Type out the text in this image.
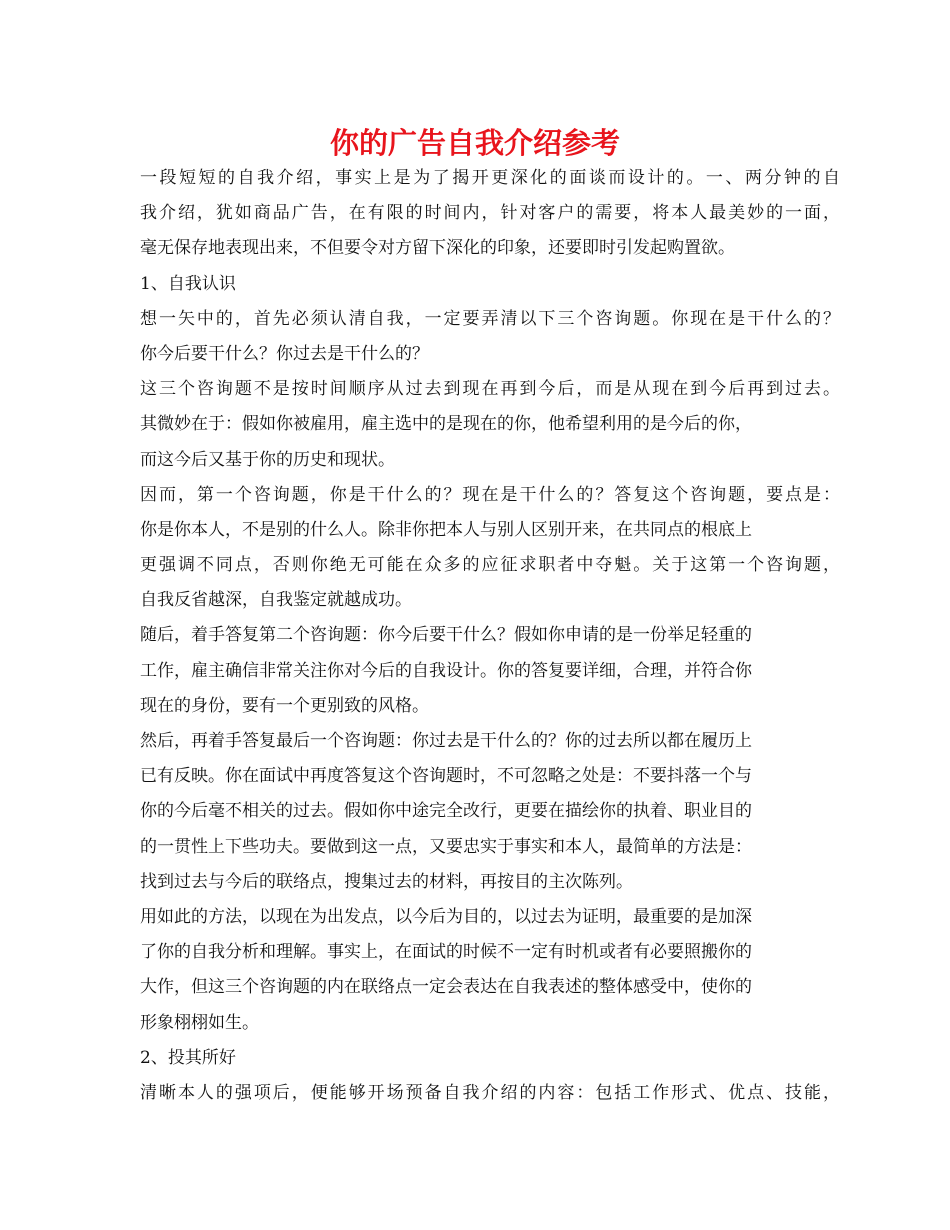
你的广告自我介绍参考
一段短短的自我介绍，事实上是为了揭开更深化的面谈而设计的。一、两分钟的自
我介绍，犹如商品广告，在有限的时间内，针对客户的需要，将本人最美妙的一面，
毫无保存地表现出来，不但要令对方留下深化的印象，还要即时引发起购置欲。
1、自我认识
想一矢中的，首先必须认清自我，一定要弄清以下三个咨询题。你现在是干什么的？
你今后要干什么？你过去是干什么的？
这三个咨询题不是按时间顺序从过去到现在再到今后，而是从现在到今后再到过去。
其微妙在于：假如你被雇用，雇主选中的是现在的你，他希望利用的是今后的你，
而这今后又基于你的历史和现状。
因而，第一个咨询题，你是干什么的？现在是干什么的？答复这个咨询题，要点是：
你是你本人，不是别的什么人。除非你把本人与别人区别开来，在共同点的根底上
更强调不同点，否则你绝无可能在众多的应征求职者中夺魁。关于这第一个咨询题，
自我反省越深，自我鉴定就越成功。
随后，着手答复第二个咨询题：你今后要干什么？假如你申请的是一份举足轻重的
工作，雇主确信非常关注你对今后的自我设计。你的答复要详细，合理，并符合你
现在的身份，要有一个更别致的风格。
然后，再着手答复最后一个咨询题：你过去是干什么的？你的过去所以都在履历上
已有反映。你在面试中再度答复这个咨询题时，不可忽略之处是：不要抖落一个与
你的今后毫不相关的过去。假如你中途完全改行，更要在描绘你的执着、职业目的
的一贯性上下些功夫。要做到这一点，又要忠实于事实和本人，最简单的方法是：
找到过去与今后的联络点，搜集过去的材料，再按目的主次陈列。
用如此的方法，以现在为出发点，以今后为目的，以过去为证明，最重要的是加深
了你的自我分析和理解。事实上，在面试的时候不一定有时机或者有必要照搬你的
大作，但这三个咨询题的内在联络点一定会表达在自我表述的整体感受中，使你的
形象栩栩如生。
2、投其所好
清晰本人的强项后，便能够开场预备自我介绍的内容：包括工作形式、优点、技能，
